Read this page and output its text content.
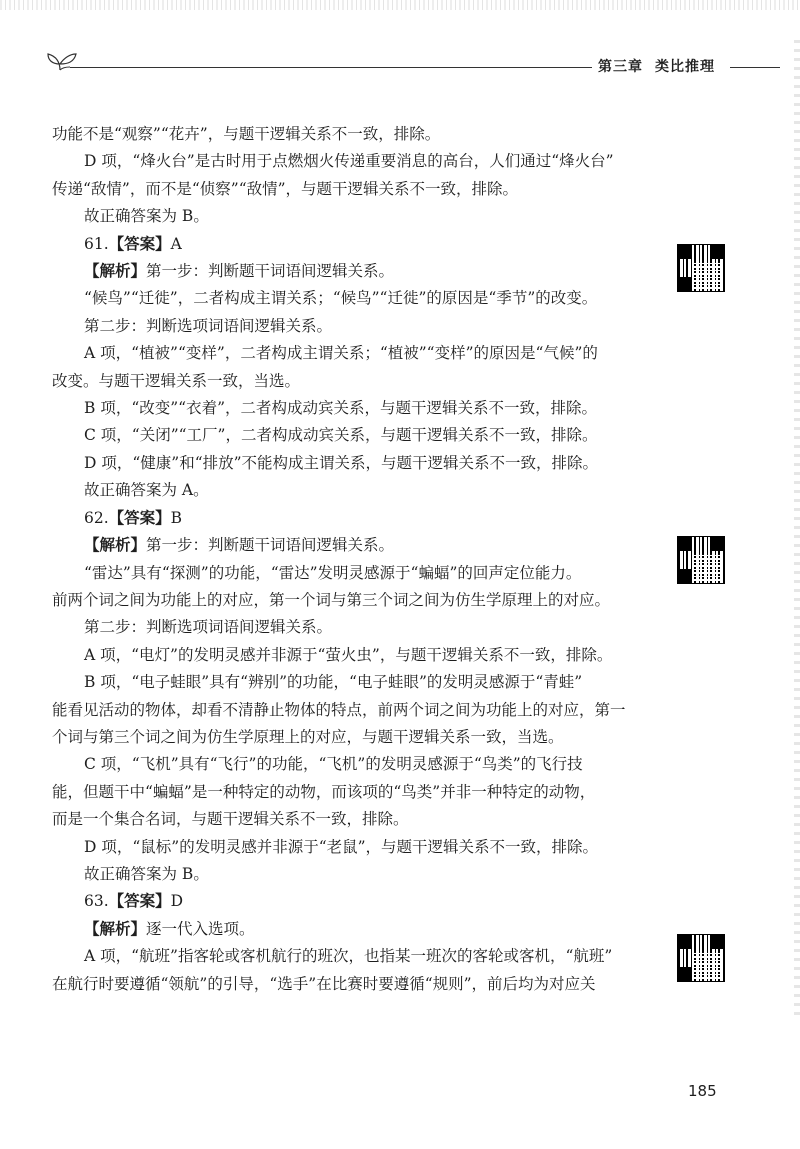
第三章 类比推理

功能不是“观察”“花卉”，与题干逻辑关系不一致，排除。

D 项，“烽火台”是古时用于点燃烟火传递重要消息的高台，人们通过“烽火台”

传递“敌情”，而不是“侦察”“敌情”，与题干逻辑关系不一致，排除。

故正确答案为 B。

61.【答案】A

【解析】第一步：判断题干词语间逻辑关系。

“候鸟”“迁徙”，二者构成主谓关系；“候鸟”“迁徙”的原因是“季节”的改变。

第二步：判断选项词语间逻辑关系。

A 项，“植被”“变样”，二者构成主谓关系；“植被”“变样”的原因是“气候”的

改变。与题干逻辑关系一致，当选。

B 项，“改变”“衣着”，二者构成动宾关系，与题干逻辑关系不一致，排除。

C 项，“关闭”“工厂”，二者构成动宾关系，与题干逻辑关系不一致，排除。

D 项，“健康”和“排放”不能构成主谓关系，与题干逻辑关系不一致，排除。

故正确答案为 A。

62.【答案】B

【解析】第一步：判断题干词语间逻辑关系。

“雷达”具有“探测”的功能，“雷达”发明灵感源于“蝙蝠”的回声定位能力。

前两个词之间为功能上的对应，第一个词与第三个词之间为仿生学原理上的对应。

第二步：判断选项词语间逻辑关系。

A 项，“电灯”的发明灵感并非源于“萤火虫”，与题干逻辑关系不一致，排除。

B 项，“电子蛙眼”具有“辨别”的功能，“电子蛙眼”的发明灵感源于“青蛙”

能看见活动的物体，却看不清静止物体的特点，前两个词之间为功能上的对应，第一

个词与第三个词之间为仿生学原理上的对应，与题干逻辑关系一致，当选。

C 项，“飞机”具有“飞行”的功能，“飞机”的发明灵感源于“鸟类”的飞行技

能，但题干中“蝙蝠”是一种特定的动物，而该项的“鸟类”并非一种特定的动物，

而是一个集合名词，与题干逻辑关系不一致，排除。

D 项，“鼠标”的发明灵感并非源于“老鼠”，与题干逻辑关系不一致，排除。

故正确答案为 B。

63.【答案】D

【解析】逐一代入选项。

A 项，“航班”指客轮或客机航行的班次，也指某一班次的客轮或客机，“航班”

在航行时要遵循“领航”的引导，“选手”在比赛时要遵循“规则”，前后均为对应关

185
